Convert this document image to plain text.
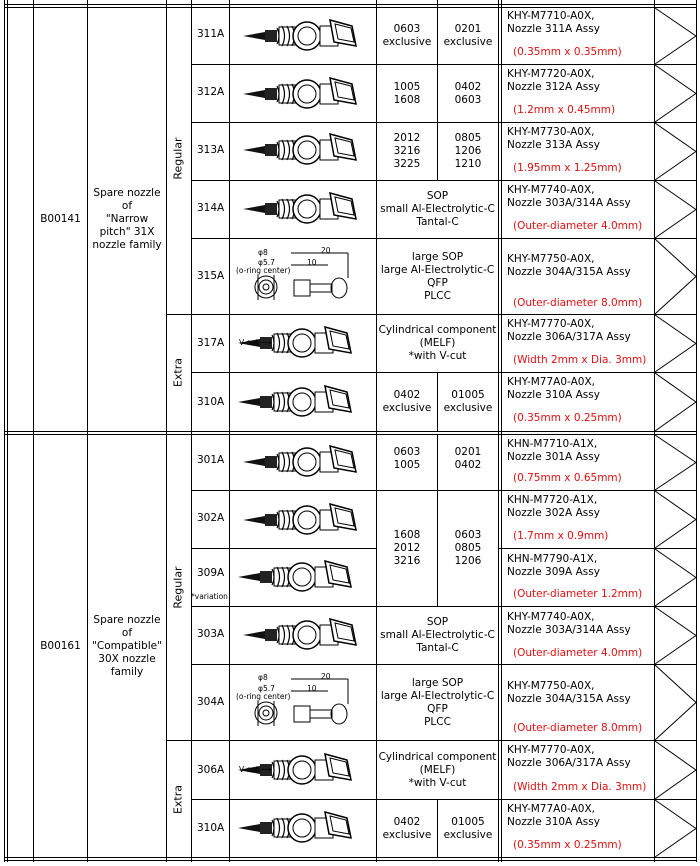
B00141
Spare nozzle
of
"Narrow
pitch" 31X
nozzle family
B00161
Spare nozzle
of
"Compatible"
30X nozzle
family
Regular
Extra
Regular
Extra
311A
312A
313A
314A
315A
317A
310A
301A
302A
309A
*variation
303A
304A
306A
310A
0603
exclusive
0201
exclusive
1005
1608
0402
0603
2012
3216
3225
0805
1206
1210
SOP
small Al-Electrolytic-C
Tantal-C
large SOP
large Al-Electrolytic-C
QFP
PLCC
Cylindrical component
(MELF)
*with V-cut
0402
exclusive
01005
exclusive
0603
1005
0201
0402
1608
2012
3216
0603
0805
1206
SOP
small Al-Electrolytic-C
Tantal-C
large SOP
large Al-Electrolytic-C
QFP
PLCC
Cylindrical component
(MELF)
*with V-cut
0402
exclusive
01005
exclusive
KHY-M7710-A0X,
Nozzle 311A Assy
(0.35mm x 0.35mm)
KHY-M7720-A0X,
Nozzle 312A Assy
(1.2mm x 0.45mm)
KHY-M7730-A0X,
Nozzle 313A Assy
(1.95mm x 1.25mm)
KHY-M7740-A0X,
Nozzle 303A/314A Assy
(Outer-diameter 4.0mm)
KHY-M7750-A0X,
Nozzle 304A/315A Assy
(Outer-diameter 8.0mm)
KHY-M7770-A0X,
Nozzle 306A/317A Assy
(Width 2mm x Dia. 3mm)
KHY-M77A0-A0X,
Nozzle 310A Assy
(0.35mm x 0.25mm)
KHN-M7710-A1X,
Nozzle 301A Assy
(0.75mm x 0.65mm)
KHN-M7720-A1X,
Nozzle 302A Assy
(1.7mm x 0.9mm)
KHN-M7790-A1X,
Nozzle 309A Assy
(Outer-diameter 1.2mm)
KHY-M7740-A0X,
Nozzle 303A/314A Assy
(Outer-diameter 4.0mm)
KHY-M7750-A0X,
Nozzle 304A/315A Assy
(Outer-diameter 8.0mm)
KHY-M7770-A0X,
Nozzle 306A/317A Assy
(Width 2mm x Dia. 3mm)
KHY-M77A0-A0X,
Nozzle 310A Assy
(0.35mm x 0.25mm)
φ8
φ5.7
(o-ring center)
20
10
φ8
φ5.7
(o-ring center)
20
10
V-cut ⟶
V-cut ⟶
